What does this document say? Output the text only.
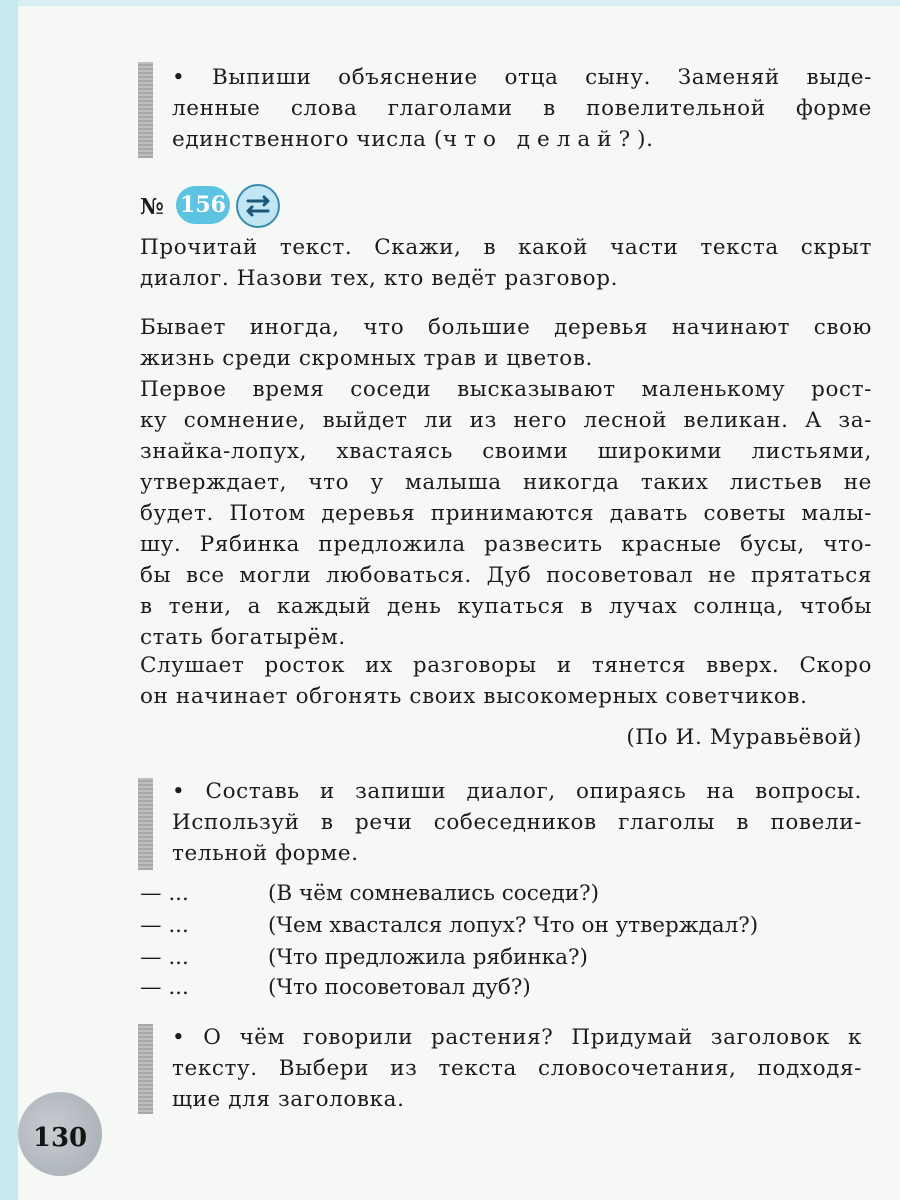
• Выпиши объяснение отца сыну. Заменяй выде-
ленные слова глаголами в повелительной форме
единственного числа (что делай?).
№ 156
Прочитай текст. Скажи, в какой части текста скрыт
диалог. Назови тех, кто ведёт разговор.
Бывает иногда, что большие деревья начинают свою
жизнь среди скромных трав и цветов.
Первое время соседи высказывают маленькому рост-
ку сомнение, выйдет ли из него лесной великан. А за-
знайка-лопух, хвастаясь своими широкими листьями,
утверждает, что у малыша никогда таких листьев не
будет. Потом деревья принимаются давать советы малы-
шу. Рябинка предложила развесить красные бусы, что-
бы все могли любоваться. Дуб посоветовал не прятаться
в тени, а каждый день купаться в лучах солнца, чтобы
стать богатырём.
Слушает росток их разговоры и тянется вверх. Скоро
он начинает обгонять своих высокомерных советчиков.
(По И. Муравьёвой)
• Составь и запиши диалог, опираясь на вопросы.
Используй в речи собеседников глаголы в повели-
тельной форме.
— ...	(В чём сомневались соседи?)
— ...	(Чем хвастался лопух? Что он утверждал?)
— ...	(Что предложила рябинка?)
— ...	(Что посоветовал дуб?)
• О чём говорили растения? Придумай заголовок к
тексту. Выбери из текста словосочетания, подходя-
щие для заголовка.
130
